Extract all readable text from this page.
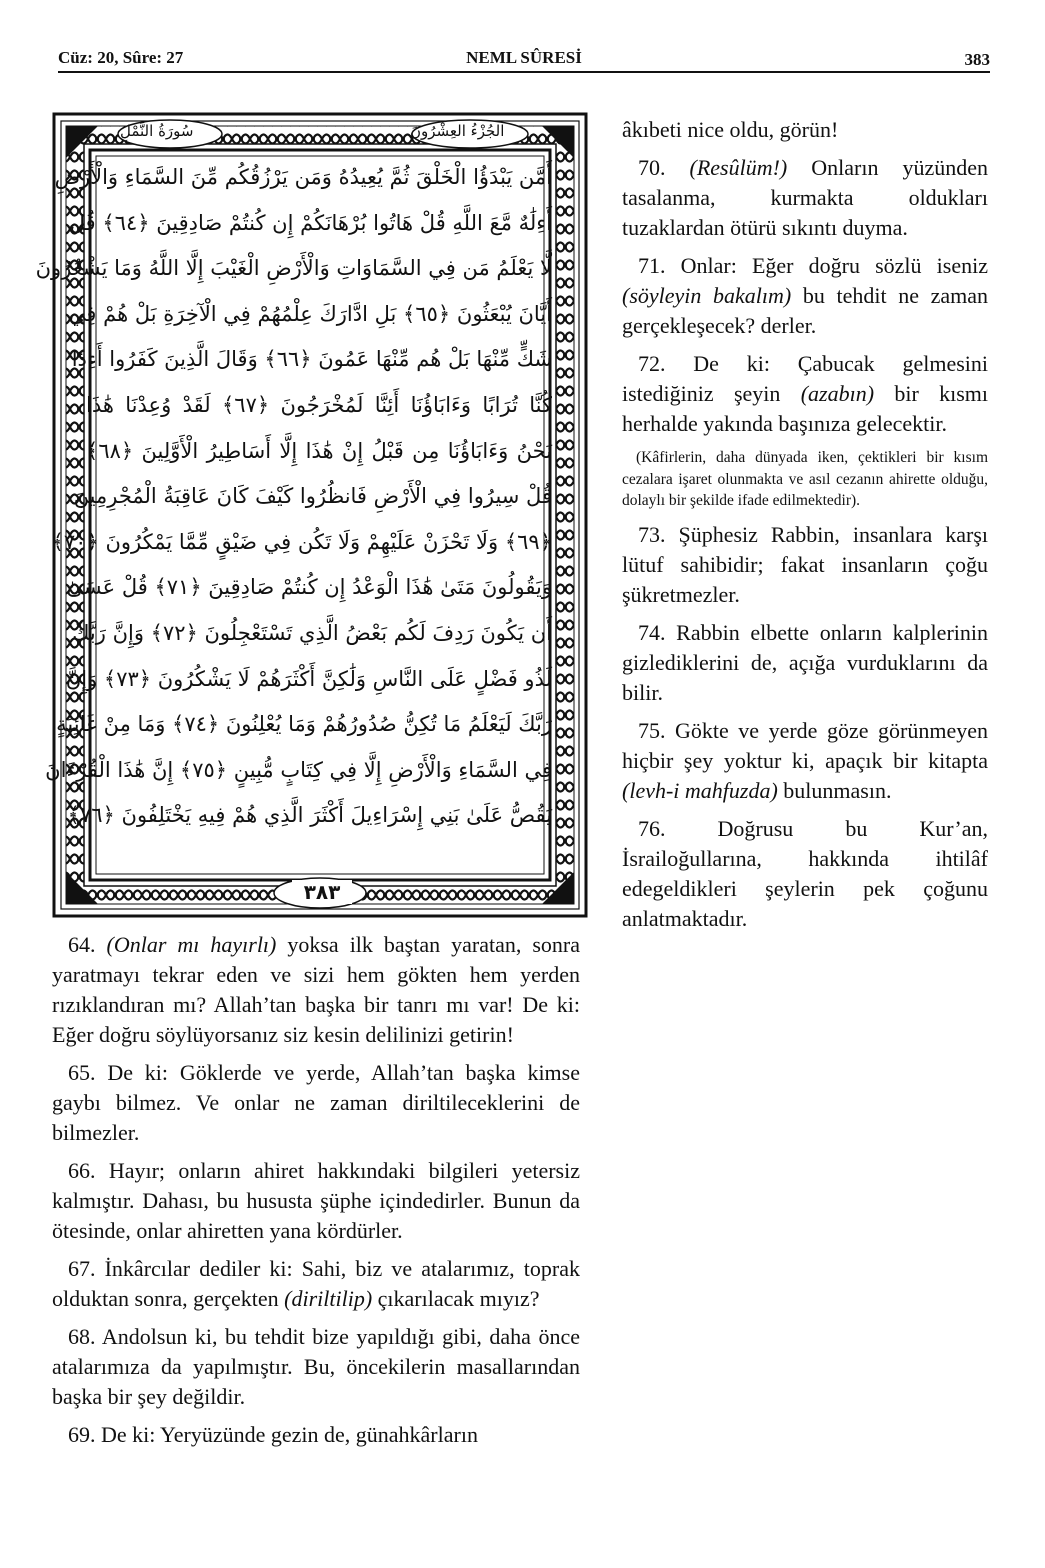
Cüz: 20, Sûre: 27	NEML SÛRESİ	383
سُورَةُ النَّمْلِ	الجُزْءُ العِشْرُونَ
٣٨٣
أَمَّن يَبْدَؤُا الْخَلْقَ ثُمَّ يُعِيدُهُ وَمَن يَرْزُقُكُم مِّنَ السَّمَاءِ وَالْأَرْضِ
أَءِلَٰهٌ مَّعَ اللَّهِ قُلْ هَاتُوا بُرْهَانَكُمْ إِن كُنتُمْ صَادِقِينَ ﴿٦٤﴾ قُل
لَّا يَعْلَمُ مَن فِي السَّمَاوَاتِ وَالْأَرْضِ الْغَيْبَ إِلَّا اللَّهُ وَمَا يَشْعُرُونَ
أَيَّانَ يُبْعَثُونَ ﴿٦٥﴾ بَلِ ادَّارَكَ عِلْمُهُمْ فِي الْآخِرَةِ بَلْ هُمْ فِي
شَكٍّ مِّنْهَا بَلْ هُم مِّنْهَا عَمُونَ ﴿٦٦﴾ وَقَالَ الَّذِينَ كَفَرُوا أَءِذَا
كُنَّا تُرَابًا وَءَابَاؤُنَا أَئِنَّا لَمُخْرَجُونَ ﴿٦٧﴾ لَقَدْ وُعِدْنَا هَٰذَا
نَحْنُ وَءَابَاؤُنَا مِن قَبْلُ إِنْ هَٰذَا إِلَّا أَسَاطِيرُ الْأَوَّلِينَ ﴿٦٨﴾
قُلْ سِيرُوا فِي الْأَرْضِ فَانظُرُوا كَيْفَ كَانَ عَاقِبَةُ الْمُجْرِمِينَ
﴿٦٩﴾ وَلَا تَحْزَنْ عَلَيْهِمْ وَلَا تَكُن فِي ضَيْقٍ مِّمَّا يَمْكُرُونَ ﴿٧٠﴾
وَيَقُولُونَ مَتَىٰ هَٰذَا الْوَعْدُ إِن كُنتُمْ صَادِقِينَ ﴿٧١﴾ قُلْ عَسَىٰ
أَن يَكُونَ رَدِفَ لَكُم بَعْضُ الَّذِي تَسْتَعْجِلُونَ ﴿٧٢﴾ وَإِنَّ رَبَّكَ
لَذُو فَضْلٍ عَلَى النَّاسِ وَلَٰكِنَّ أَكْثَرَهُمْ لَا يَشْكُرُونَ ﴿٧٣﴾ وَإِنَّ
رَبَّكَ لَيَعْلَمُ مَا تُكِنُّ صُدُورُهُمْ وَمَا يُعْلِنُونَ ﴿٧٤﴾ وَمَا مِنْ غَائِبَةٍ
فِي السَّمَاءِ وَالْأَرْضِ إِلَّا فِي كِتَابٍ مُّبِينٍ ﴿٧٥﴾ إِنَّ هَٰذَا الْقُرْءَانَ
يَقُصُّ عَلَىٰ بَنِي إِسْرَاءِيلَ أَكْثَرَ الَّذِي هُمْ فِيهِ يَخْتَلِفُونَ ﴿٧٦﴾

64. (Onlar mı hayırlı) yoksa ilk baştan yaratan, sonra yaratmayı tekrar eden ve sizi hem gökten hem yerden rızıklandıran mı? Allah’tan başka bir tanrı mı var! De ki: Eğer doğru söylüyorsanız siz kesin delilinizi getirin!

65. De ki: Göklerde ve yerde, Allah’tan başka kimse gaybı bilmez. Ve onlar ne zaman diriltileceklerini de bilmezler.

66. Hayır; onların ahiret hakkındaki bilgileri yetersiz kalmıştır. Dahası, bu hususta şüphe içindedirler. Bunun da ötesinde, onlar ahiretten yana kördürler.

67. İnkârcılar dediler ki: Sahi, biz ve atalarımız, toprak olduktan sonra, gerçekten (diriltilip) çıkarılacak mıyız?

68. Andolsun ki, bu tehdit bize yapıldığı gibi, daha önce atalarımıza da yapılmıştır. Bu, öncekilerin masallarından başka bir şey değildir.

69. De ki: Yeryüzünde gezin de, günahkârların

âkıbeti nice oldu, görün!

70. (Resûlüm!) Onların yüzünden tasalanma, kurmakta oldukları tuzaklardan ötürü sıkıntı duyma.

71. Onlar: Eğer doğru sözlü iseniz (söyleyin bakalım) bu tehdit ne zaman gerçekleşecek? derler.

72. De ki: Çabucak gelmesini istediğiniz şeyin (azabın) bir kısmı herhalde yakında başınıza gelecektir.

(Kâfirlerin, daha dünyada iken, çektikleri bir kısım cezalara işaret olunmakta ve asıl cezanın ahirette olduğu, dolaylı bir şekilde ifade edilmektedir).

73. Şüphesiz Rabbin, insanlara karşı lütuf sahibidir; fakat insanların çoğu şükretmezler.

74. Rabbin elbette onların kalplerinin gizlediklerini de, açığa vurduklarını da bilir.

75. Gökte ve yerde göze görünmeyen hiçbir şey yoktur ki, apaçık bir kitapta (levh-i mahfuzda) bulunmasın.

76. Doğrusu bu Kur’an, İsrailoğullarına, hakkında ihtilâf edegeldikleri şeylerin pek çoğunu anlatmaktadır.
